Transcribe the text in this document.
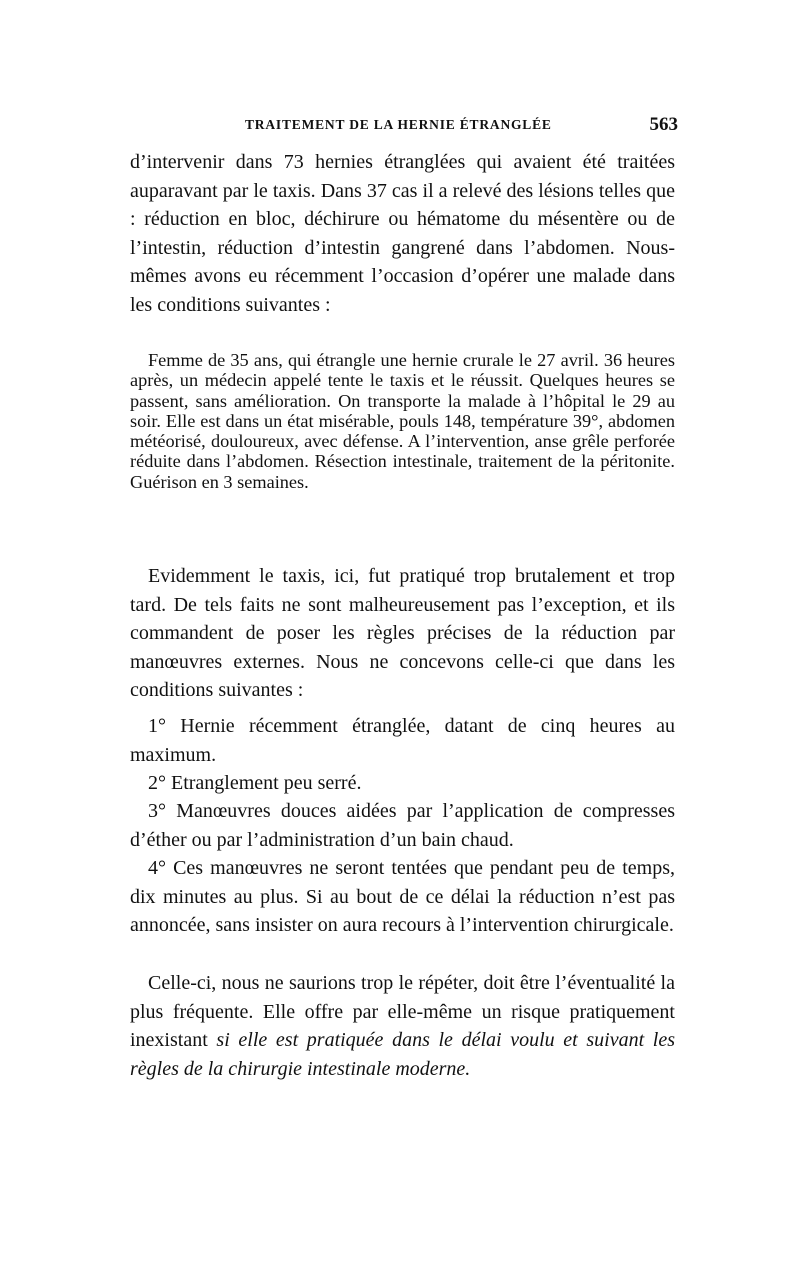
TRAITEMENT DE LA HERNIE ÉTRANGLÉE	563

d’intervenir dans 73 hernies étranglées qui avaient été traitées auparavant par le taxis. Dans 37 cas il a relevé des lésions telles que : réduction en bloc, déchirure ou hématome du mésentère ou de l’intestin, réduction d’intestin gangrené dans l’abdomen. Nous-mêmes avons eu récemment l’occasion d’opérer une malade dans les conditions suivantes :

Femme de 35 ans, qui étrangle une hernie crurale le 27 avril. 36 heures après, un médecin appelé tente le taxis et le réussit. Quelques heures se passent, sans amélioration. On transporte la malade à l’hôpital le 29 au soir. Elle est dans un état misérable, pouls 148, température 39°, abdomen météorisé, douloureux, avec défense. A l’intervention, anse grêle perforée réduite dans l’abdomen. Résection intestinale, traitement de la péritonite. Guérison en 3 semaines.

Evidemment le taxis, ici, fut pratiqué trop brutalement et trop tard. De tels faits ne sont malheureusement pas l’exception, et ils commandent de poser les règles précises de la réduction par manœuvres externes. Nous ne concevons celle-ci que dans les conditions suivantes :

1° Hernie récemment étranglée, datant de cinq heures au maximum.

2° Etranglement peu serré.

3° Manœuvres douces aidées par l’application de compresses d’éther ou par l’administration d’un bain chaud.

4° Ces manœuvres ne seront tentées que pendant peu de temps, dix minutes au plus. Si au bout de ce délai la réduction n’est pas annoncée, sans insister on aura recours à l’intervention chirurgicale.

Celle-ci, nous ne saurions trop le répéter, doit être l’éventualité la plus fréquente. Elle offre par elle-même un risque pratiquement inexistant si elle est pratiquée dans le délai voulu et suivant les règles de la chirurgie intestinale moderne.
